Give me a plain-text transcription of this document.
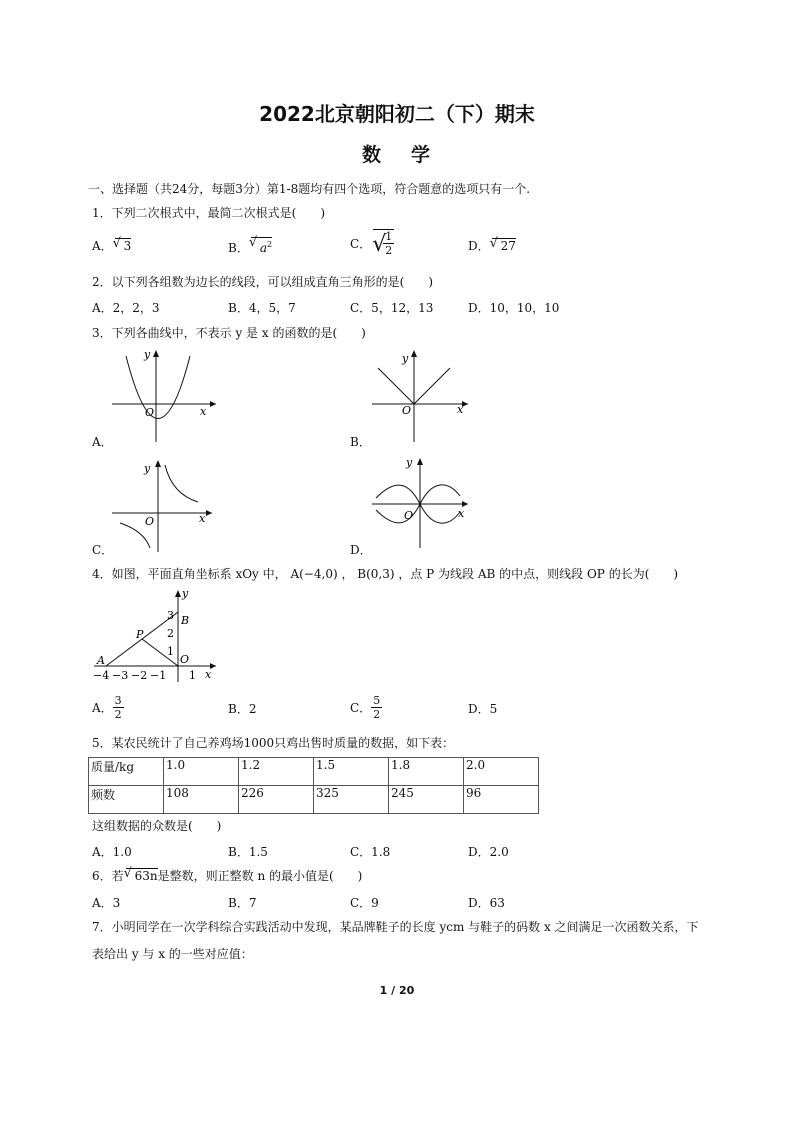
2022北京朝阳初二（下）期末
数学
一、选择题（共24分，每题3分）第1-8题均有四个选项，符合题意的选项只有一个.
1．下列二次根式中，最简二次根式是(　　)
A． √ 3	B． √ $a^2$	C． √
$\frac{1}{2}$	D． √ 27
2．以下列各组数为边长的线段，可以组成直角三角形的是(　　)
A．2，2，3	B．4，5，7	C．5，12，13	D．10，10，10
3．下列各曲线中，不表示 y 是 x 的函数的是(　　)
y
O	x
A．
y
O	x
B．
y
O	x
C．
y
O	x
D．
4．如图，平面直角坐标系 xOy 中， A(−4,0) ， B(0,3) ，点 P 为线段 AB 的中点，则线段 OP 的长为(　　)
−4 −3 −2 −1 1
1
2
3
A
B
P
O
x
y
A． $\frac{3}{2}$	B．2	C． $\frac{5}{2}$	D．5
5．某农民统计了自己养鸡场1000只鸡出售时质量的数据，如下表：
质量/kg	1.0	1.2	1.5	1.8	2.0
频数	108	226	325	245	96
这组数据的众数是(　　)
A．1.0	B．1.5	C．1.8	D．2.0
6．若 √ 63n是整数，则正整数 n 的最小值是(　　)
A．3	B．7	C．9	D．63
7．小明同学在一次学科综合实践活动中发现，某品牌鞋子的长度 ycm 与鞋子的码数 x 之间满足一次函数关系，下
表给出 y 与 x 的一些对应值：
1 / 20
